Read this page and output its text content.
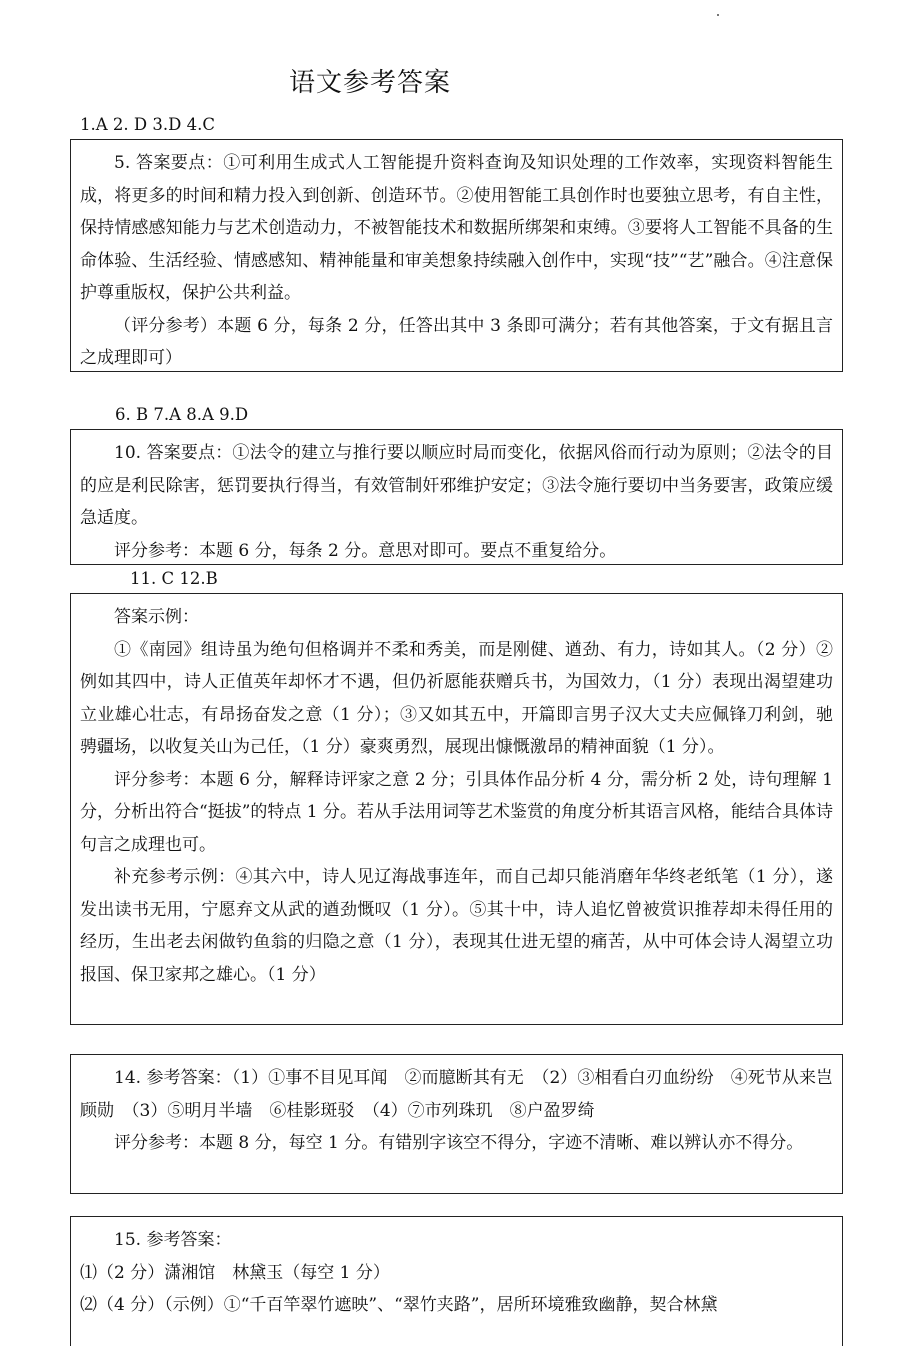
语文参考答案
1.A 2. D 3.D 4.C

5. 答案要点：①可利用生成式人工智能提升资料查询及知识处理的工作效率，实现资料智能生成，将更多的时间和精力投入到创新、创造环节。②使用智能工具创作时也要独立思考，有自主性，保持情感感知能力与艺术创造动力，不被智能技术和数据所绑架和束缚。③要将人工智能不具备的生命体验、生活经验、情感感知、精神能量和审美想象持续融入创作中，实现“技”“艺”融合。④注意保护尊重版权，保护公共利益。

（评分参考）本题 6 分，每条 2 分，任答出其中 3 条即可满分；若有其他答案，于文有据且言之成理即可）

6. B 7.A 8.A 9.D

10. 答案要点：①法令的建立与推行要以顺应时局而变化，依据风俗而行动为原则；②法令的目的应是利民除害，惩罚要执行得当，有效管制奸邪维护安定；③法令施行要切中当务要害，政策应缓急适度。

评分参考：本题 6 分，每条 2 分。意思对即可。要点不重复给分。

11. C 12.B

答案示例：

①《南园》组诗虽为绝句但格调并不柔和秀美，而是刚健、遒劲、有力，诗如其人。（2 分）②例如其四中，诗人正值英年却怀才不遇，但仍祈愿能获赠兵书，为国效力，（1 分）表现出渴望建功立业雄心壮志，有昂扬奋发之意（1 分）；③又如其五中，开篇即言男子汉大丈夫应佩锋刀利剑，驰骋疆场，以收复关山为己任，（1 分）豪爽勇烈，展现出慷慨激昂的精神面貌（1 分）。

评分参考：本题 6 分，解释诗评家之意 2 分；引具体作品分析 4 分，需分析 2 处，诗句理解 1 分，分析出符合“挺拔”的特点 1 分。若从手法用词等艺术鉴赏的角度分析其语言风格，能结合具体诗句言之成理也可。

补充参考示例：④其六中，诗人见辽海战事连年，而自己却只能消磨年华终老纸笔（1 分），遂发出读书无用，宁愿弃文从武的遒劲慨叹（1 分）。⑤其十中，诗人追忆曾被赏识推荐却未得任用的经历，生出老去闲做钓鱼翁的归隐之意（1 分），表现其仕进无望的痛苦，从中可体会诗人渴望立功报国、保卫家邦之雄心。（1 分）

14. 参考答案：（1）①事不目见耳闻　②而臆断其有无　（2）③相看白刃血纷纷　④死节从来岂顾勋　（3）⑤明月半墙　⑥桂影斑驳　（4）⑦市列珠玑　⑧户盈罗绮

评分参考：本题 8 分，每空 1 分。有错别字该空不得分，字迹不清晰、难以辨认亦不得分。

15. 参考答案：

⑴（2 分）潇湘馆　林黛玉（每空 1 分）

⑵（4 分）（示例）①“千百竿翠竹遮映”、“翠竹夹路”，居所环境雅致幽静，契合林黛
